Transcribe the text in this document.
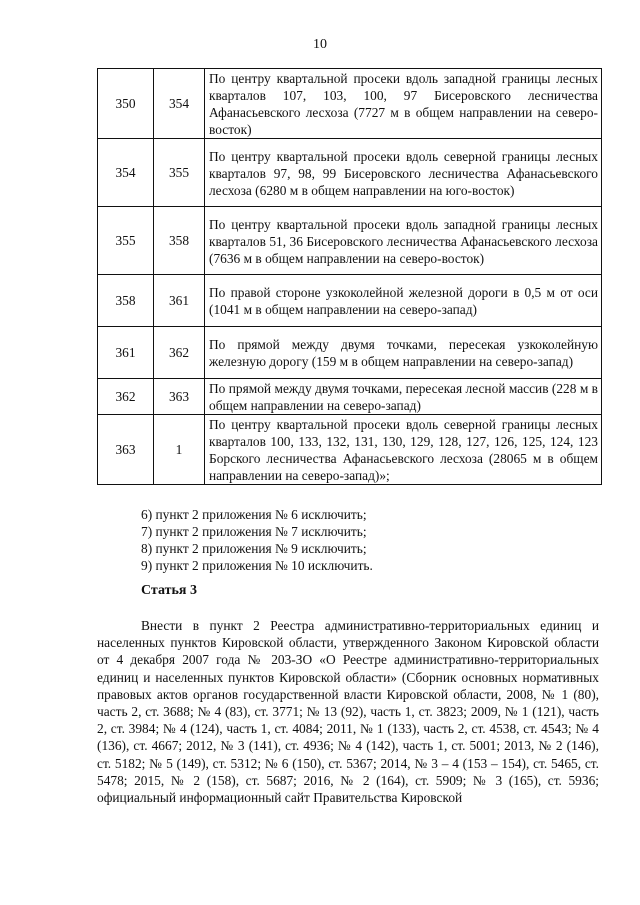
10
350	354	По центру квартальной просеки вдоль западной границы лесных кварталов 107, 103, 100, 97 Бисеровского лесничества Афанасьевского лесхоза (7727 м в общем направлении на северо-восток)
354	355	По центру квартальной просеки вдоль северной границы лесных кварталов 97, 98, 99 Бисеровского лесничества Афанасьевского лесхоза (6280 м в общем направлении на юго-восток)
355	358	По центру квартальной просеки вдоль западной границы лесных кварталов 51, 36 Бисеровского лесничества Афанасьевского лесхоза (7636 м в общем направлении на северо-восток)
358	361	По правой стороне узкоколейной железной дороги в 0,5 м от оси (1041 м в общем направлении на северо-запад)
361	362	По прямой между двумя точками, пересекая узкоколейную железную дорогу (159 м в общем направлении на северо-запад)
362	363	По прямой между двумя точками, пересекая лесной массив (228 м в общем направлении на северо-запад)
363	1	По центру квартальной просеки вдоль северной границы лесных кварталов 100, 133, 132, 131, 130, 129, 128, 127, 126, 125, 124, 123 Борского лесничества Афанасьевского лесхоза (28065 м в общем направлении на северо-запад)»;
6) пункт 2 приложения № 6 исключить;
7) пункт 2 приложения № 7 исключить;
8) пункт 2 приложения № 9 исключить;
9) пункт 2 приложения № 10 исключить.
Статья 3
Внести в пункт 2 Реестра административно-территориальных единиц и населенных пунктов Кировской области, утвержденного Законом Кировской области от 4 декабря 2007 года № 203-ЗО «О Реестре административно-территориальных единиц и населенных пунктов Кировской области» (Сборник основных нормативных правовых актов органов государственной власти Кировской области, 2008, № 1 (80), часть 2, ст. 3688; № 4 (83), ст. 3771; № 13 (92), часть 1, ст. 3823; 2009, № 1 (121), часть 2, ст. 3984; № 4 (124), часть 1, ст. 4084; 2011, № 1 (133), часть 2, ст. 4538, ст. 4543; № 4 (136), ст. 4667; 2012, № 3 (141), ст. 4936; № 4 (142), часть 1, ст. 5001; 2013, № 2 (146), ст. 5182; № 5 (149), ст. 5312; № 6 (150), ст. 5367; 2014, № 3 – 4 (153 – 154), ст. 5465, ст. 5478; 2015, № 2 (158), ст. 5687; 2016, № 2 (164), ст. 5909; № 3 (165), ст. 5936; официальный информационный сайт Правительства Кировской
